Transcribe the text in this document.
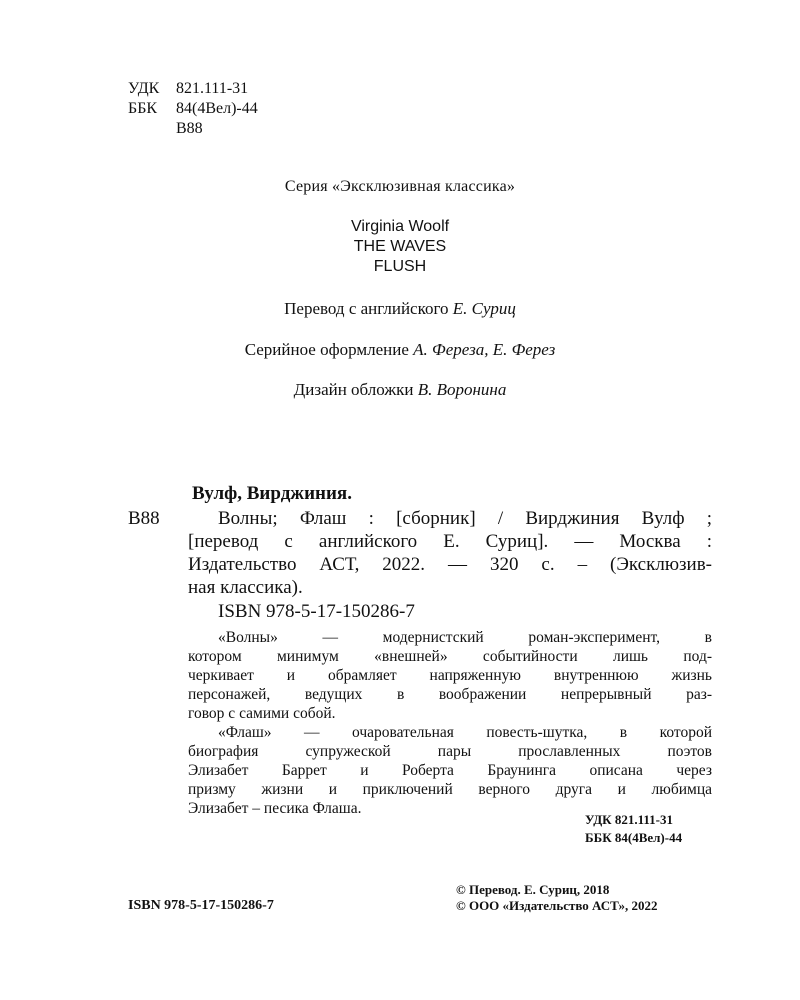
УДК 821.111-31
ББК 84(4Вел)-44
В88
Серия «Эксклюзивная классика»
Virginia Woolf
THE WAVES
FLUSH
Перевод с английского Е. Суриц
Серийное оформление А. Фереза, Е. Ферез
Дизайн обложки В. Воронина
Вулф, Вирджиния.
В88	Волны; Флаш : [сборник] / Вирджиния Вулф ;
[перевод с английского Е. Суриц]. — Москва :
Издательство АСТ, 2022. — 320 с. – (Эксклюзив-
ная классика).
ISBN 978-5-17-150286-7
«Волны» — модернистский роман-эксперимент, в
котором минимум «внешней» событийности лишь под-
черкивает и обрамляет напряженную внутреннюю жизнь
персонажей, ведущих в воображении непрерывный раз-
говор с самими собой.
«Флаш» — очаровательная повесть-шутка, в которой
биография супружеской пары прославленных поэтов
Элизабет Баррет и Роберта Браунинга описана через
призму жизни и приключений верного друга и любимца
Элизабет – песика Флаша.
УДК 821.111-31
ББК 84(4Вел)-44
ISBN 978-5-17-150286-7
© Перевод. Е. Суриц, 2018
© ООО «Издательство АСТ», 2022
